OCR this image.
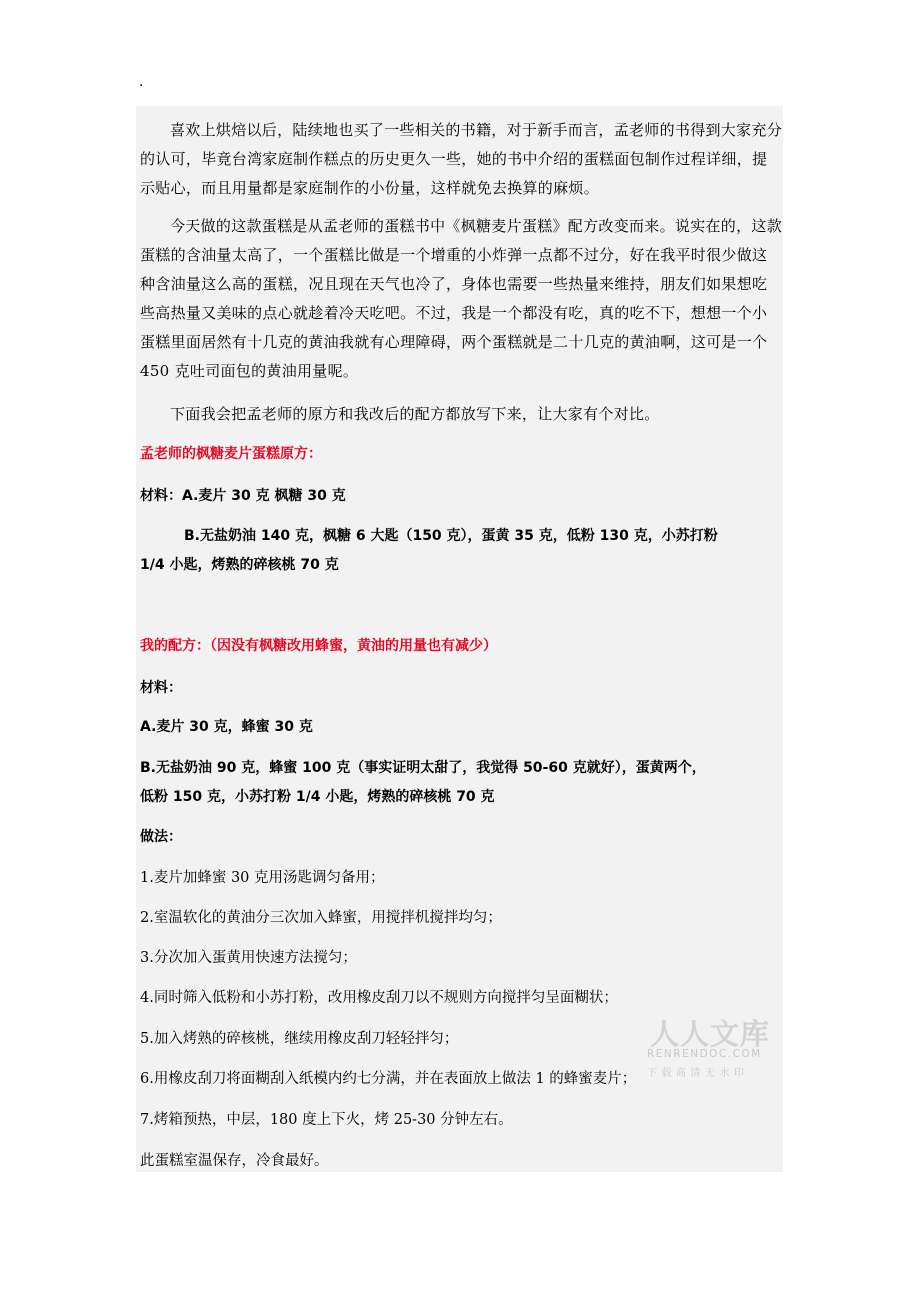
.

喜欢上烘焙以后，陆续地也买了一些相关的书籍，对于新手而言，孟老师的书得到大家充分的认可，毕竟台湾家庭制作糕点的历史更久一些，她的书中介绍的蛋糕面包制作过程详细，提示贴心，而且用量都是家庭制作的小份量，这样就免去换算的麻烦。

今天做的这款蛋糕是从孟老师的蛋糕书中《枫糖麦片蛋糕》配方改变而来。说实在的，这款蛋糕的含油量太高了，一个蛋糕比做是一个增重的小炸弹一点都不过分，好在我平时很少做这种含油量这么高的蛋糕，况且现在天气也冷了，身体也需要一些热量来维持，朋友们如果想吃些高热量又美味的点心就趁着冷天吃吧。不过，我是一个都没有吃，真的吃不下，想想一个小蛋糕里面居然有十几克的黄油我就有心理障碍，两个蛋糕就是二十几克的黄油啊，这可是一个 450 克吐司面包的黄油用量呢。

下面我会把孟老师的原方和我改后的配方都放写下来，让大家有个对比。

孟老师的枫糖麦片蛋糕原方：

材料：A.麦片 30 克 枫糖 30 克

B.无盐奶油 140 克，枫糖 6 大匙（150 克），蛋黄 35 克，低粉 130 克，小苏打粉

1/4 小匙，烤熟的碎核桃 70 克

我的配方：（因没有枫糖改用蜂蜜，黄油的用量也有减少）

材料：

A.麦片 30 克，蜂蜜 30 克

B.无盐奶油 90 克，蜂蜜 100 克（事实证明太甜了，我觉得 50-60 克就好），蛋黄两个，

低粉 150 克，小苏打粉 1/4 小匙，烤熟的碎核桃 70 克

做法：

1.麦片加蜂蜜 30 克用汤匙调匀备用；

2.室温软化的黄油分三次加入蜂蜜，用搅拌机搅拌均匀；

3.分次加入蛋黄用快速方法搅匀；

4.同时筛入低粉和小苏打粉，改用橡皮刮刀以不规则方向搅拌匀呈面糊状；

5.加入烤熟的碎核桃，继续用橡皮刮刀轻轻拌匀；

6.用橡皮刮刀将面糊刮入纸模内约七分满，并在表面放上做法 1 的蜂蜜麦片；

7.烤箱预热，中层，180 度上下火，烤 25-30 分钟左右。

此蛋糕室温保存，冷食最好。

人人文库
RENRENDOC.COM
下载高清无水印
